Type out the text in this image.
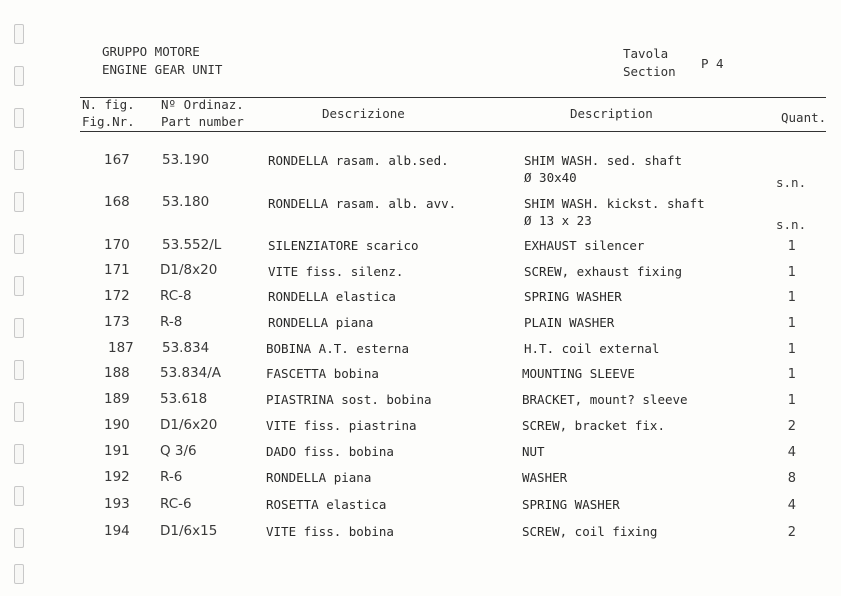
GRUPPO MOTORE
ENGINE GEAR UNIT
Tavola
Section
P 4
N. fig.
Fig.Nr.
Nº Ordinaz.
Part number
Descrizione	Description	Quant.
167 53.190	RONDELLA rasam. alb.sed.	SHIM WASH. sed. shaft
Ø 30x40	s.n.
168 53.180	RONDELLA rasam. alb. avv.	SHIM WASH. kickst. shaft
Ø 13 x 23	s.n.
170 53.552/L	SILENZIATORE scarico	EXHAUST silencer	1
171 D1/8x20	VITE fiss. silenz.	SCREW, exhaust fixing	1
172 RC-8	RONDELLA elastica	SPRING WASHER	1
173 R-8	RONDELLA piana	PLAIN WASHER	1
187 53.834	BOBINA A.T. esterna	H.T. coil external	1
188 53.834/A	FASCETTA bobina	MOUNTING SLEEVE	1
189 53.618	PIASTRINA sost. bobina	BRACKET, mount? sleeve	1
190 D1/6x20	VITE fiss. piastrina	SCREW, bracket fix.	2
191 Q 3/6	DADO fiss. bobina	NUT	4
192 R-6	RONDELLA piana	WASHER	8
193 RC-6	ROSETTA elastica	SPRING WASHER	4
194 D1/6x15	VITE fiss. bobina	SCREW, coil fixing	2
